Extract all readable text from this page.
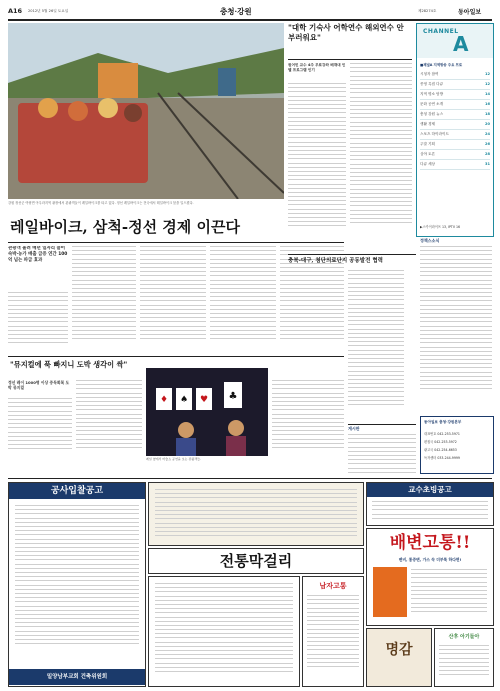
A16 2012년 5월 26일 토요일	충청·강원	제28274호	동아일보
강원 정선군 여량면 아우라지역 광장에서 관광객들이 레일바이크를 타고 있다. 정선 레일바이크는 전국에서 레일바이크 붐을 일으켰다.
레일바이크, 삼척-정선 경제 이끈다
관광객 몰려 매년 일자리 늘어 숙박·농가 매출 급증 연간 100억 넘는 파급 효과
"뮤지컬에 푹 빠지니 도박 생각이 싹"
정선 레이 1000명 이상 중독회복 도박 뮤지컬
♦ ♠ ♥ ♣
레일 옆에서 마술쇼 공연을 보는 관광객들.
"대학 기숙사 어학연수 해외연수 안 부러워요"
원어민 교수 4주 무료강좌 배재대 인텔 프로그램 인기
CHANNEL
A
■채널A 지역방송 주요 프로
시청자 참여	12
종영 특집 다큐	12
지역 명소 탐방	14
문화 공연 소개	16
충청 강원 뉴스	18
생활 경제	20
스포츠 하이라이트	24
주말 기획	26
심야 토론	28
다큐 세상	31
▶스카이라이프 13, IPTV 16
충북-대구, 첨단의료단지 공동발전 협력
게시판
정책스소식
동아일보 충청·강원본부
대표번호 042-253-5971
편집국 042-253-5972
광고국 042-254-6653
독자센터 033-244-9999
공사입찰공고
밀양남부교회 건축위원회
전통막걸리
남자고통
교수초빙공고
배변고통!!
변비, 통증변, 가스 속 더부룩 하다면!
명감
산후 아기들아
